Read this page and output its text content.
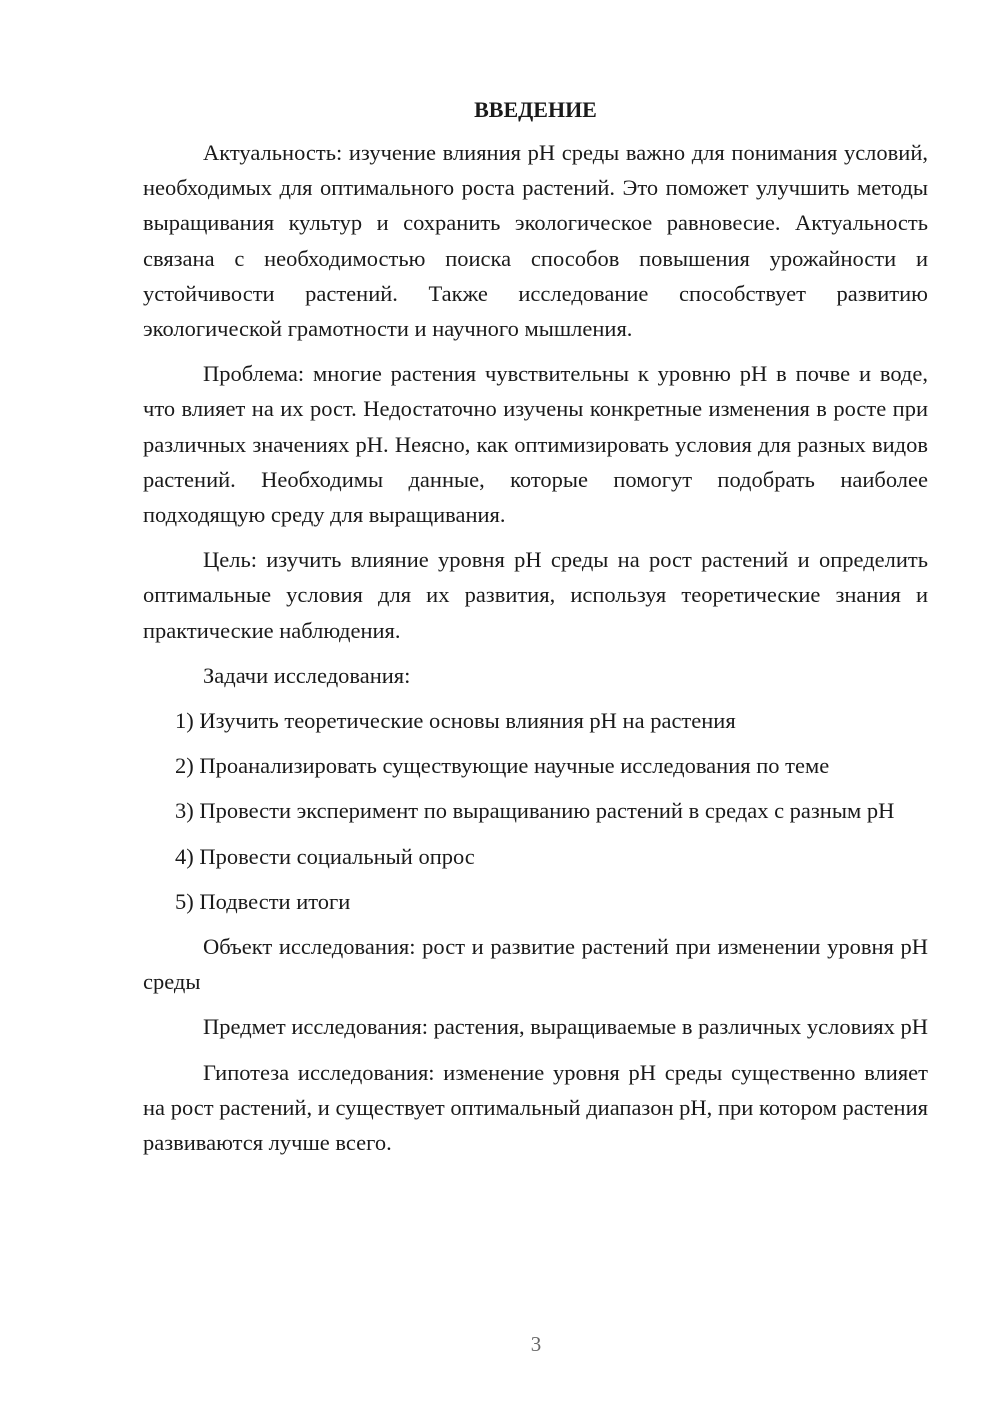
ВВЕДЕНИЕ

Актуальность: изучение влияния pH среды важно для понимания условий, необходимых для оптимального роста растений. Это поможет улучшить методы выращивания культур и сохранить экологическое равновесие. Актуальность связана с необходимостью поиска способов повышения урожайности и устойчивости растений. Также исследование способствует развитию экологической грамотности и научного мышления.

Проблема: многие растения чувствительны к уровню pH в почве и воде, что влияет на их рост. Недостаточно изучены конкретные изменения в росте при различных значениях pH. Неясно, как оптимизировать условия для разных видов растений. Необходимы данные, которые помогут подобрать наиболее подходящую среду для выращивания.

Цель: изучить влияние уровня pH среды на рост растений и определить оптимальные условия для их развития, используя теоретические знания и практические наблюдения.

Задачи исследования:

1) Изучить теоретические основы влияния pH на растения

2) Проанализировать существующие научные исследования по теме

3) Провести эксперимент по выращиванию растений в средах с разным pH

4) Провести социальный опрос

5) Подвести итоги

Объект исследования: рост и развитие растений при изменении уровня pH среды

Предмет исследования: растения, выращиваемые в различных условиях pH

Гипотеза исследования: изменение уровня pH среды существенно влияет на рост растений, и существует оптимальный диапазон pH, при котором растения развиваются лучше всего.

3
